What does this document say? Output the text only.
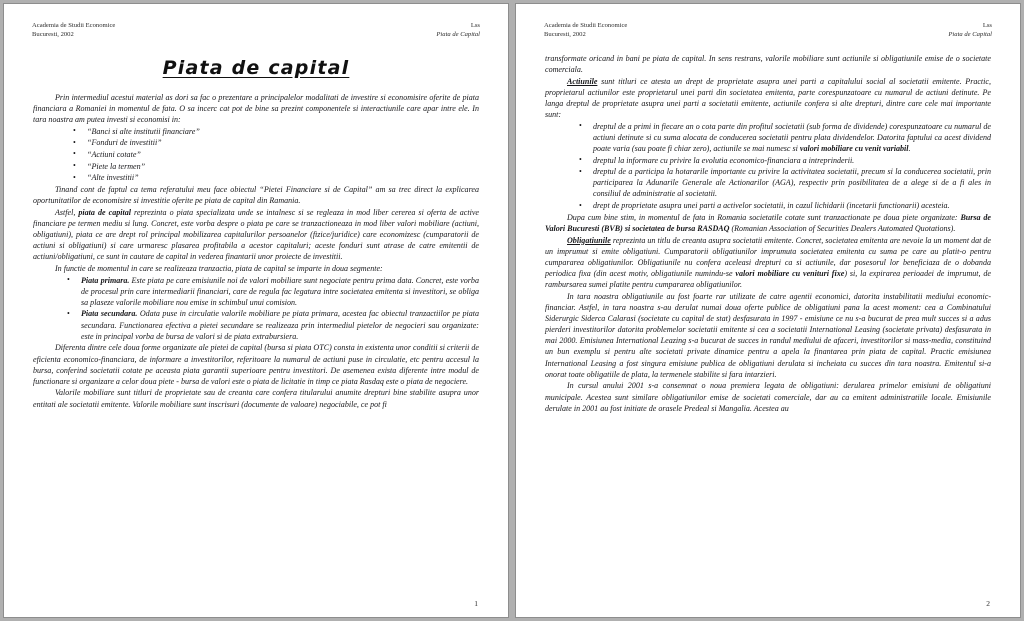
Academia de Studii Economice
Bucuresti, 2002
Lss
Piata de Capital
Piata de capital

Prin intermediul acestui material as dori sa fac o prezentare a principalelor modalitati de investire si economisire oferite de piata financiara a Romaniei in momentul de fata. O sa incerc cat pot de bine sa prezint componentele si interactiunile care apar intre ele. In tara noastra am putea investi si economisi in:

• “Banci si alte institutii financiare”
• “Fonduri de investitii”
• “Actiuni cotate”
• “Piete la termen”
• “Alte investitii”

Tinand cont de faptul ca tema referatului meu face obiectul “Pietei Financiare si de Capital” am sa trec direct la explicarea oportunitatilor de economisire si investitie oferite pe piata de capital din Ramania.

Astfel, piata de capital reprezinta o piata specializata unde se intalnesc si se regleaza in mod liber cererea si oferta de active financiare pe termen mediu si lung. Concret, este vorba despre o piata pe care se tranzactioneaza in mod liber valori mobiliare (actiuni, obligatiuni), piata ce are drept rol principal mobilizarea capitalurilor persoanelor (fizice/juridice) care economizesc (cumparatorii de actiuni si obligatiuni) si care urmaresc plasarea profitabila a acestor capitaluri; aceste fonduri sunt atrase de catre emitentii de actiuni/obligatiuni, ce sunt in cautare de capital in vederea finantarii unor proiecte de investitii.

In functie de momentul in care se realizeaza tranzactia, piata de capital se imparte in doua segmente:

• Piata primara. Este piata pe care emisiunile noi de valori mobiliare sunt negociate pentru prima data. Concret, este vorba de procesul prin care intermediarii financiari, care de regula fac legatura intre societatea emitenta si investitori, se obliga sa plaseze valorile mobiliare nou emise in schimbul unui comision.
• Piata secundara. Odata puse in circulatie valorile mobiliare pe piata primara, acestea fac obiectul tranzactiilor pe piata secundara. Functionarea efectiva a pietei secundare se realizeaza prin intermediul pietelor de negocieri sau organizate: este in principal vorba de bursa de valori si de piata extrabursiera.

Diferenta dintre cele doua forme organizate ale pietei de capital (bursa si piata OTC) consta in existenta unor conditii si criterii de eficienta economico-financiara, de informare a investitorilor, referitoare la numarul de actiuni puse in circulatie, etc pentru accesul la bursa, conferind societatii cotate pe aceasta piata garantii superioare pentru investitori. De asemenea exista diferente intre modul de functionare si organizare a celor doua piete - bursa de valori este o piata de licitatie in timp ce piata Rasdaq este o piata de negociere.

Valorile mobiliare sunt titluri de proprietate sau de creanta care confera titularului anumite drepturi bine stabilite asupra unor entitati ale societatii emitente. Valorile mobiliare sunt inscrisuri (documente de valoare) negociabile, ce pot fi

1
Academia de Studii Economice
Bucuresti, 2002
Lss
Piata de Capital

transformate oricand in bani pe piata de capital. In sens restrans, valorile mobiliare sunt actiunile si obligatiunile emise de o societate comerciala.

Actiunile sunt titluri ce atesta un drept de proprietate asupra unei parti a capitalului social al societatii emitente. Practic, proprietarul actiunilor este proprietarul unei parti din societatea emitenta, parte corespunzatoare cu numarul de actiuni detinute. Pe langa dreptul de proprietate asupra unei parti a societatii emitente, actiunile confera si alte drepturi, dintre care cele mai importante sunt:

• dreptul de a primi in fiecare an o cota parte din profitul societatii (sub forma de dividende) corespunzatoare cu numarul de actiuni detinute si cu suma alocata de conducerea societatii pentru plata dividendelor. Datorita faptului ca acest dividend poate varia (sau poate fi chiar zero), actiunile se mai numesc si valori mobiliare cu venit variabil.
• dreptul la informare cu privire la evolutia economico-financiara a intreprinderii.
• dreptul de a participa la hotararile importante cu privire la activitatea societatii, precum si la conducerea societatii, prin participarea la Adunarile Generale ale Actionarilor (AGA), respectiv prin posibilitatea de a alege si de a fi ales in consiliul de administratie al societatii.
• drept de proprietate asupra unei parti a activelor societatii, in cazul lichidarii (incetarii functionarii) acesteia.

Dupa cum bine stim, in momentul de fata in Romania societatile cotate sunt tranzactionate pe doua piete organizate: Bursa de Valori Bucuresti (BVB) si societatea de bursa RASDAQ (Romanian Association of Securities Dealers Automated Quotations).

Obligatiunile reprezinta un titlu de creanta asupra societatii emitente. Concret, societatea emitenta are nevoie la un moment dat de un imprumut si emite obligatiuni. Cumparatorii obligatiunilor imprumuta societatea emitenta cu suma pe care au platit-o pentru cumpararea obligatiunilor. Obligatiunile nu confera aceleasi drepturi ca si actiunile, dar posesorul lor beneficiaza de o dobanda periodica fixa (din acest motiv, obligatiunile numindu-se valori mobiliare cu venituri fixe) si, la expirarea perioadei de imprumut, de rambursarea sumei platite pentru cumpararea obligatiunilor.

In tara noastra obligatiunile au fost foarte rar utilizate de catre agentii economici, datorita instabilitatii mediului economic-financiar. Astfel, in tara noastra s-au derulat numai doua oferte publice de obligatiuni pana la acest moment: cea a Combinatului Siderurgic Siderca Calarasi (societate cu capital de stat) desfasurata in 1997 - emisiune ce nu s-a bucurat de prea mult succes si a adus pierderi investitorilor datorita problemelor societatii emitente si cea a societatii International Leasing (societate privata) desfasurata in mai 2000. Emisiunea International Leazing s-a bucurat de succes in randul mediului de afaceri, investitorilor si mass-media, constituind un bun exemplu si pentru alte societati private dinamice pentru a apela la finantarea prin piata de capital. Practic emisiunea International Leasing a fost singura emisiune publica de obligatiuni derulata si incheiata cu succes din tara noastra. Emitentul si-a onorat toate obligatiile de plata, la termenele stabilite si fara intarzieri.

In cursul anului 2001 s-a consemnat o noua premiera legata de obligatiuni: derularea primelor emisiuni de obligatiuni municipale. Acestea sunt similare obligatiunilor emise de societati comerciale, dar au ca emitent administratiile locale. Emisiunile derulate in 2001 au fost initiate de orasele Predeal si Mangalia. Acestea au

2
